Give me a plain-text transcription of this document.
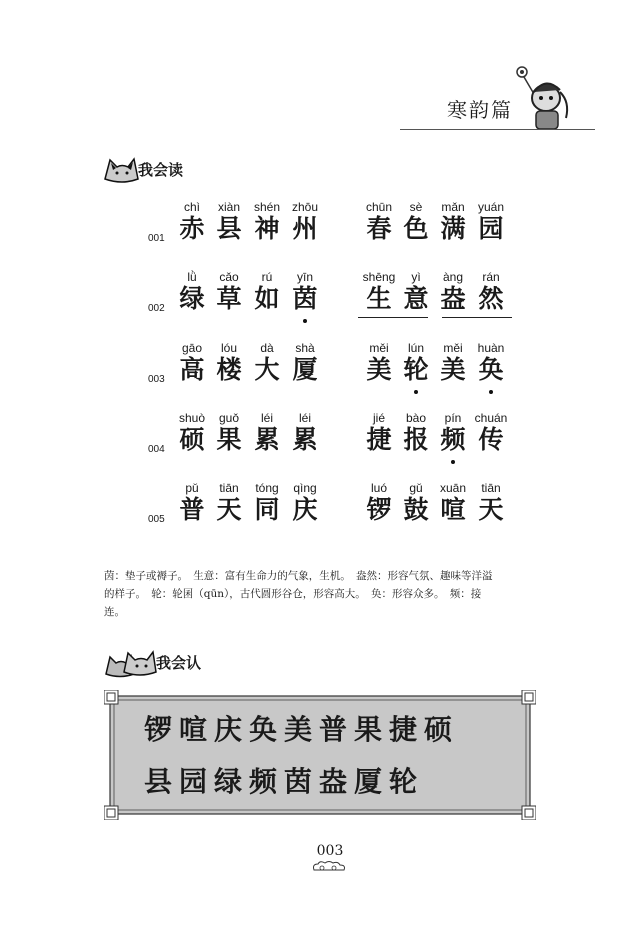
寒韵篇
我会读
001
chì
赤
xiàn
县
shén
神
zhōu
州
chūn
春
sè
色
mǎn
满
yuán
园
002
lǜ
绿
cǎo
草
rú
如
yīn
茵
shēng
生
yì
意
àng
盎
rán
然
003
gāo
高
lóu
楼
dà
大
shà
厦
měi
美
lún
轮
měi
美
huàn
奂
004
shuò
硕
guǒ
果
léi
累
léi
累
jié
捷
bào
报
pín
频
chuán
传
005
pǔ
普
tiān
天
tóng
同
qìng
庆
luó
锣
gǔ
鼓
xuān
喧
tiān
天
茵：垫子或褥子。　生意：富有生命力的气象，生机。　盎然：形容气氛、趣味等洋溢
的样子。　轮：轮囷（qūn），古代圆形谷仓，形容高大。　奂：形容众多。　频：接
连。
我会认
锣喧庆奂美普果捷硕
县园绿频茵盎厦轮
003
